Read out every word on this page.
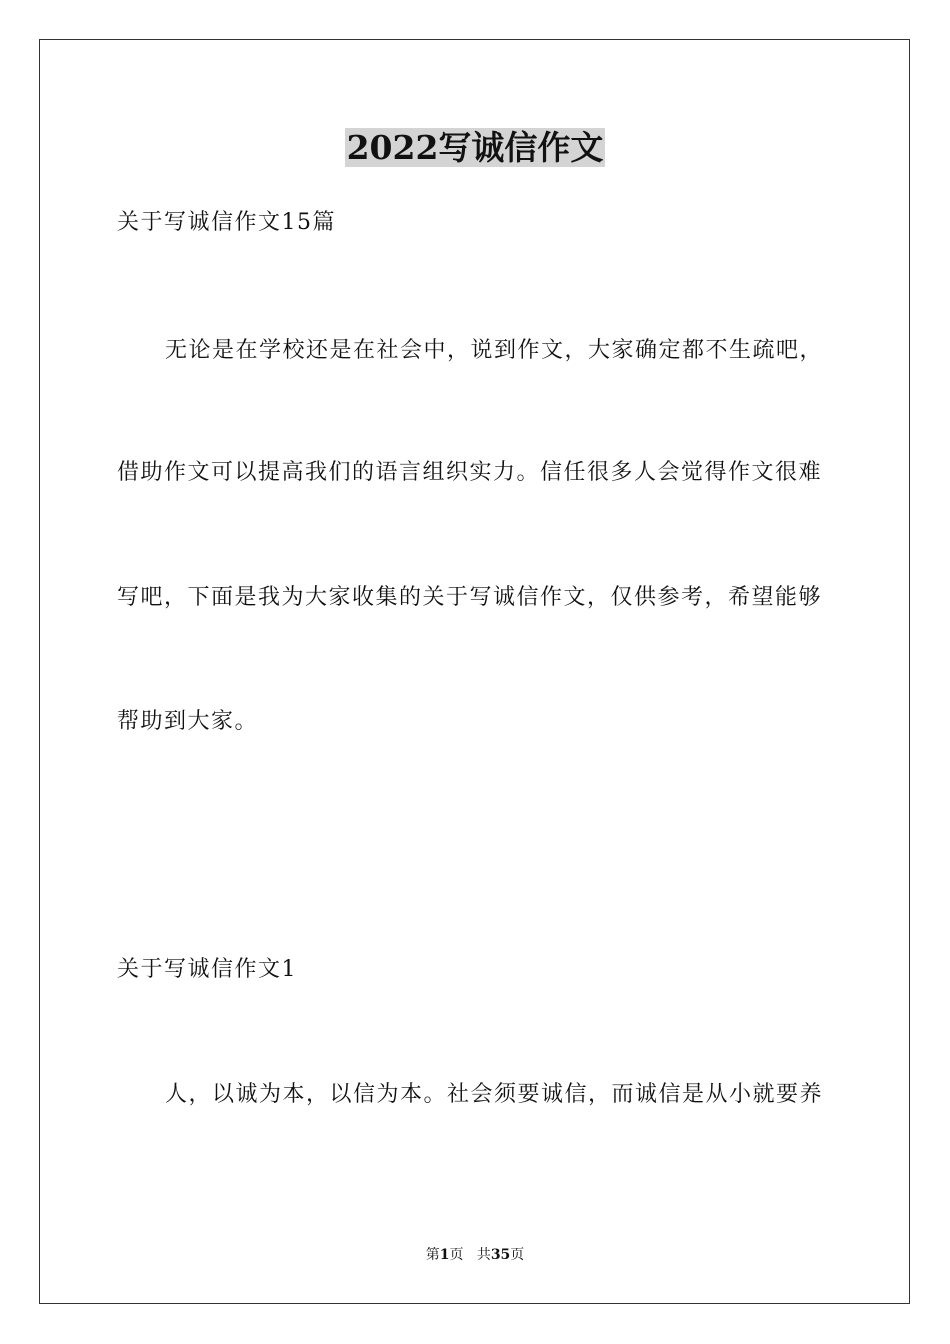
2022写诚信作文
关于写诚信作文15篇
无论是在学校还是在社会中，说到作文，大家确定都不生疏吧，
借助作文可以提高我们的语言组织实力。信任很多人会觉得作文很难
写吧，下面是我为大家收集的关于写诚信作文，仅供参考，希望能够
帮助到大家。
关于写诚信作文1
人，以诚为本，以信为本。社会须要诚信，而诚信是从小就要养
第1页 共35页
